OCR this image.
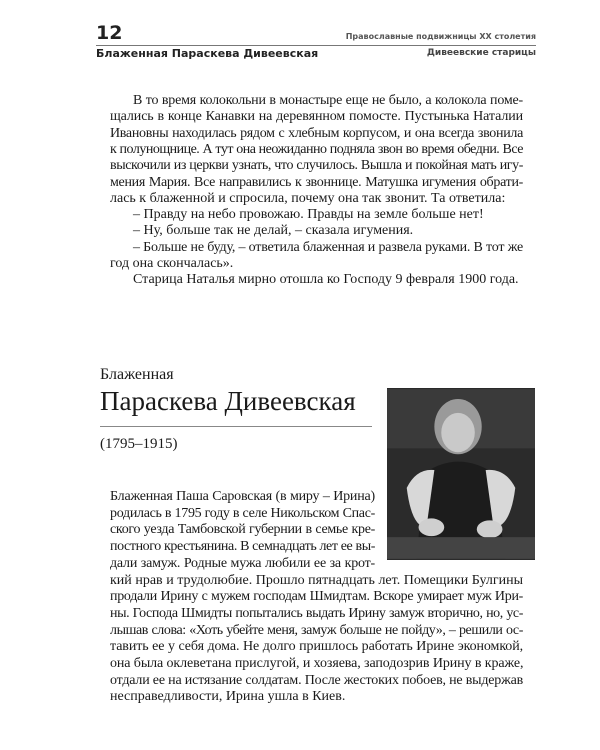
12	Православные подвижницы XX столетия
Блаженная Параскева Дивеевская	Дивеевские старицы
В то время колокольни в монастыре еще не было, а колокола поме-
щались в конце Канавки на деревянном помосте. Пустынька Наталии
Ивановны находилась рядом с хлебным корпусом, и она всегда звонила
к полунощнице. А тут она неожиданно подняла звон во время обедни. Все
выскочили из церкви узнать, что случилось. Вышла и покойная мать игу-
мения Мария. Все направились к звоннице. Матушка игумения обрати-
лась к блаженной и спросила, почему она так звонит. Та ответила:
– Правду на небо провожаю. Правды на земле больше нет!
– Ну, больше так не делай, – сказала игумения.
– Больше не буду, – ответила блаженная и развела руками. В тот же
год она скончалась».
Старица Наталья мирно отошла ко Господу 9 февраля 1900 года.
Блаженная
Параскева Дивеевская
(1795–1915)
Блаженная Паша Саровская (в миру – Ирина)
родилась в 1795 году в селе Никольском Спас-
ского уезда Тамбовской губернии в семье кре-
постного крестьянина. В семнадцать лет ее вы-
дали замуж. Родные мужа любили ее за крот-
кий нрав и трудолюбие. Прошло пятнадцать лет. Помещики Булгины
продали Ирину с мужем господам Шмидтам. Вскоре умирает муж Ири-
ны. Господа Шмидты попытались выдать Ирину замуж вторично, но, ус-
лышав слова: «Хоть убейте меня, замуж больше не пойду», – решили ос-
тавить ее у себя дома. Не долго пришлось работать Ирине экономкой,
она была оклеветана прислугой, и хозяева, заподозрив Ирину в краже,
отдали ее на истязание солдатам. После жестоких побоев, не выдержав
несправедливости, Ирина ушла в Киев.
